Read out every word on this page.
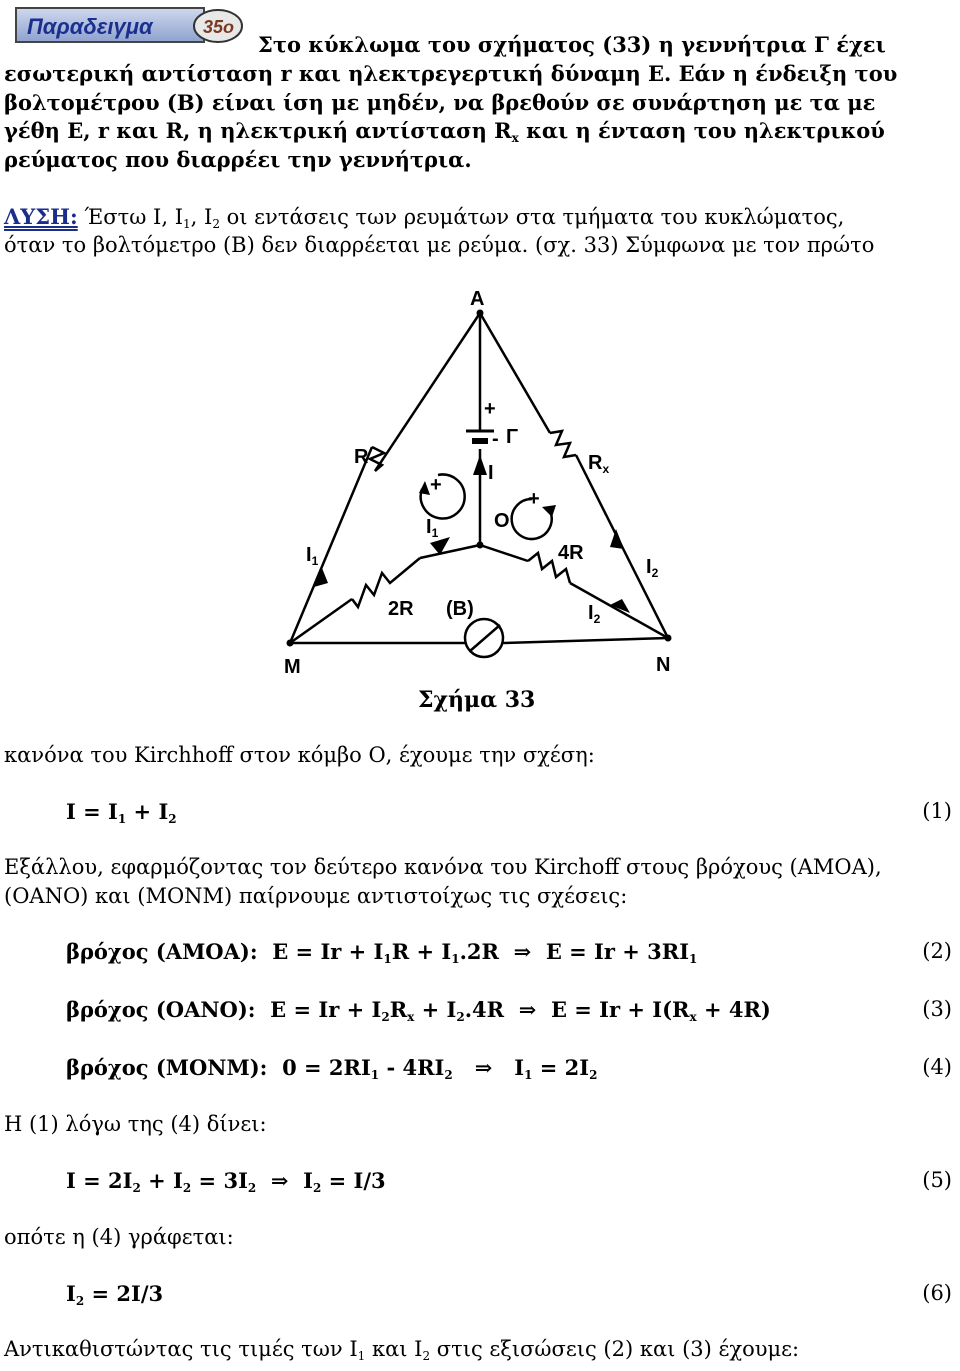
Παραδειγμα	35ο
Στο κύκλωμα του σχήματος (33) η γεννήτρια Γ έχει
εσωτερική αντίσταση r και ηλεκτρεγερτική δύναμη Ε. Εάν η ένδειξη του
βολτομέτρου (Β) είναι ίση με μηδέν, να βρεθούν σε συνάρτηση με τα με
γέθη Ε, r και R, η ηλεκτρική αντίσταση $R_x$ και η ένταση του ηλεκτρικού
ρεύματος που διαρρέει την γεννήτρια.
ΛΥΣΗ: Έστω Ι, $I_1$, $I_2$ οι εντάσεις των ρευμάτων στα τμήματα του κυκλώματος,
όταν το βολτόμετρο (Β) δεν διαρρέεται με ρεύμα. (σχ. 33) Σύμφωνα με τον πρώτο
A
M	N
O
R	$R_x$
4R
2R (B)
Γ
+
-
I
$I_1$
$I_1$
$I_2$
$I_2$
+
+
Σχήμα 33
κανόνα του Kirchhoff στον κόμβο Ο, έχουμε την σχέση:
$I = I_1 + I_2$	(1)
Εξάλλου, εφαρμόζοντας τον δεύτερο κανόνα του Kirchoff στους βρόχους (ΑΜΟΑ),
(ΟΑΝΟ) και (ΜΟΝΜ) παίρνουμε αντιστοίχως τις σχέσεις:
βρόχος (ΑΜΟΑ): $E = Ir + I_1R + I_1.2R$ ⇒ $E = Ir + 3RI_1$	(2)
βρόχος (ΟΑΝΟ): $E = Ir + I_2R_x + I_2.4R$ ⇒ $E = Ir + I(R_x + 4R)$	(3)
βρόχος (ΜΟΝΜ): $0 = 2RI_1 - 4RI_2$ ⇒ $I_1 = 2I_2$	(4)
Η (1) λόγω της (4) δίνει:
$I = 2I_2 + I_2 = 3I_2$ ⇒ $I_2 = I/3$	(5)
οπότε η (4) γράφεται:
$I_2 = 2I/3$	(6)
Αντικαθιστώντας τις τιμές των $I_1$ και $I_2$ στις εξισώσεις (2) και (3) έχουμε:
